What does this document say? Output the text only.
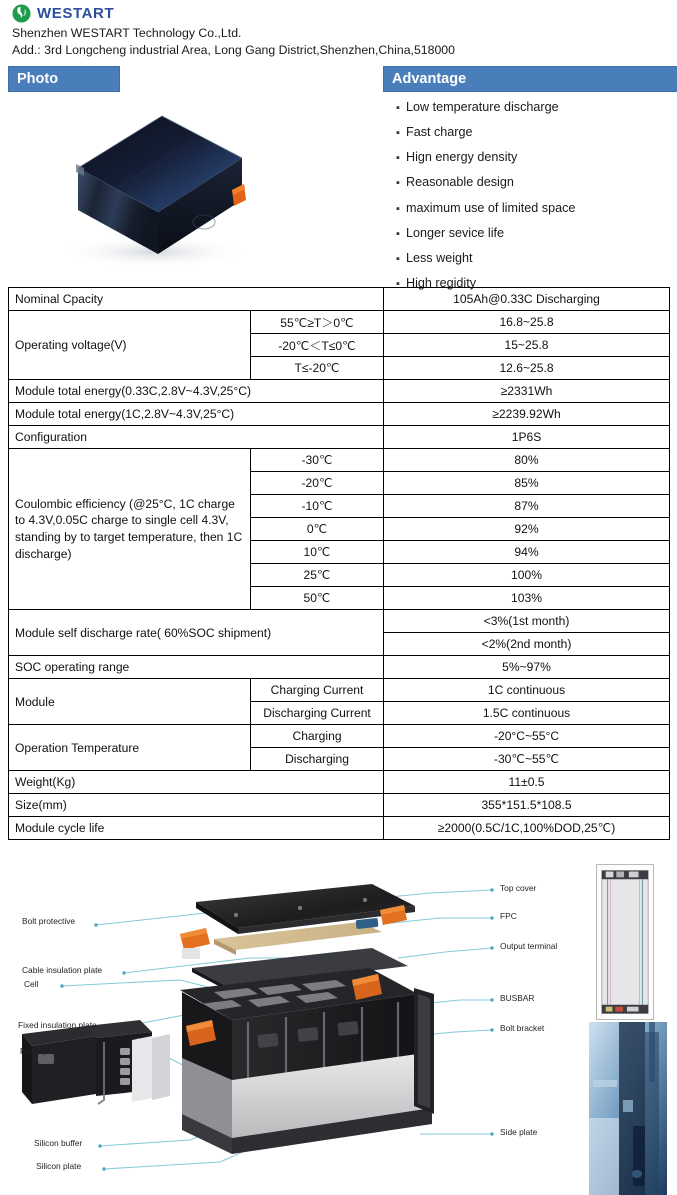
WESTART
Shenzhen WESTART Technology Co.,Ltd.
Add.: 3rd Longcheng industrial Area, Long Gang District,Shenzhen,China,518000
Photo	Advantage
▪ Low temperature discharge
▪ Fast charge
▪ Hign energy density
▪ Reasonable design
▪ maximum use of limited space
▪ Longer sevice life
▪ Less weight
▪ High regidity
Nominal Cpacity		105Ah@0.33C Discharging
Operating voltage(V)	55℃≥T＞0℃	16.8~25.8
	-20℃＜T≤0℃	15~25.8
	T≤-20℃	12.6~25.8
Module total energy(0.33C,2.8V~4.3V,25°C)		≥2331Wh
Module total energy(1C,2.8V~4.3V,25°C)		≥2239.92Wh
Configuration		1P6S
Coulombic efficiency (@25°C, 1C charge to 4.3V,0.05C charge to single cell 4.3V, standing by to target temperature, then 1C discharge)	-30℃	80%
	-20℃	85%
	-10℃	87%
	0℃	92%
	10℃	94%
	25℃	100%
	50℃	103%
Module self discharge rate( 60%SOC shipment)		<3%(1st month)
		<2%(2nd month)
SOC operating range		5%~97%
Module	Charging Current	1C continuous
	Discharging Current	1.5C continuous
Operation Temperature	Charging	-20°C~55°C
	Discharging	-30℃~55℃
Weight(Kg)		11±0.5
Size(mm)		355*151.5*108.5
Module cycle life		≥2000(0.5C/1C,100%DOD,25℃)
Bolt protective
Cable insulation plate
Cell
Fixed insulation plate
Fixed plate
Silicon buffer
Silicon plate
Top cover
FPC
Output terminal
BUSBAR
Bolt bracket
Side plate
